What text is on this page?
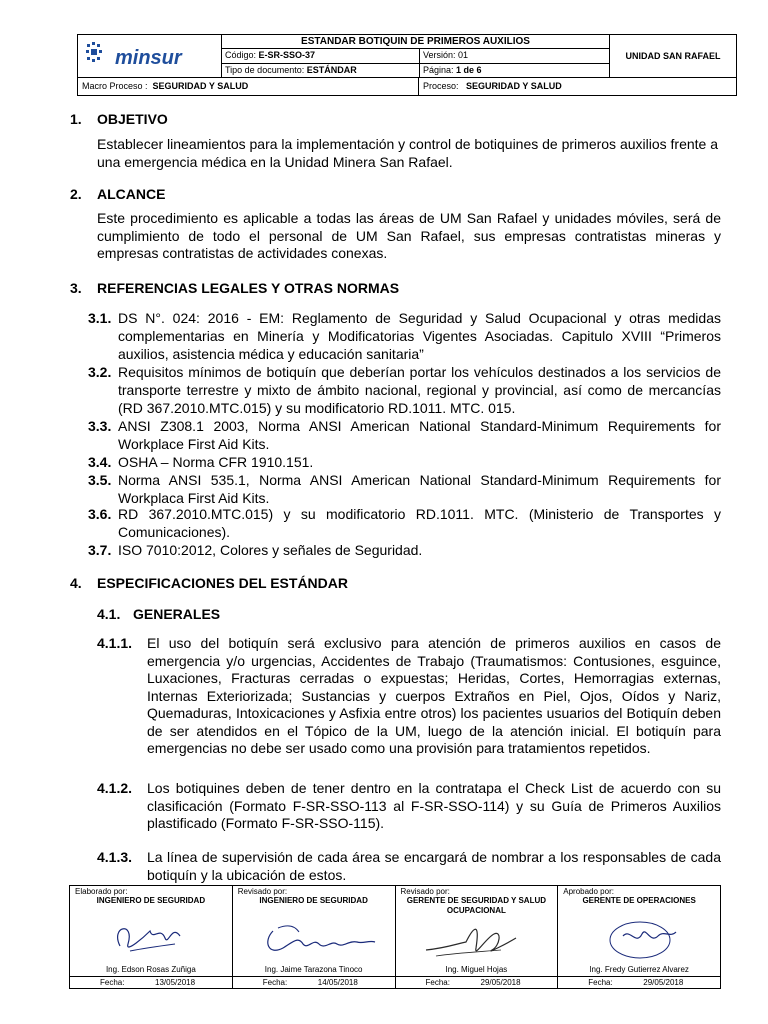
minsur
ESTANDAR BOTIQUIN DE PRIMEROS AUXILIOS
Código: E-SR-SSO-37	Versión: 01
Tipo de documento: ESTÁNDAR	Página: 1 de 6
UNIDAD SAN RAFAEL
Macro Proceso : SEGURIDAD Y SALUD	Proceso: SEGURIDAD Y SALUD
1. OBJETIVO
Establecer lineamientos para la implementación y control de botiquines de primeros auxilios frente a una emergencia médica en la Unidad Minera San Rafael.
2. ALCANCE
Este procedimiento es aplicable a todas las áreas de UM San Rafael y unidades móviles, será de cumplimiento de todo el personal de UM San Rafael, sus empresas contratistas mineras y empresas contratistas de actividades conexas.
3. REFERENCIAS LEGALES Y OTRAS NORMAS
3.1. DS N°. 024: 2016 - EM: Reglamento de Seguridad y Salud Ocupacional y otras medidas complementarias en Minería y Modificatorias Vigentes Asociadas. Capitulo XVIII “Primeros auxilios, asistencia médica y educación sanitaria”
3.2. Requisitos mínimos de botiquín que deberían portar los vehículos destinados a los servicios de transporte terrestre y mixto de ámbito nacional, regional y provincial, así como de mercancías (RD 367.2010.MTC.015) y su modificatorio RD.1011. MTC. 015.
3.3. ANSI Z308.1 2003, Norma ANSI American National Standard-Minimum Requirements for Workplace First Aid Kits.
3.4. OSHA – Norma CFR 1910.151.
3.5. Norma ANSI 535.1, Norma ANSI American National Standard-Minimum Requirements for Workplaca First Aid Kits.
3.6. RD 367.2010.MTC.015) y su modificatorio RD.1011. MTC. (Ministerio de Transportes y Comunicaciones).
3.7. ISO 7010:2012, Colores y señales de Seguridad.
4. ESPECIFICACIONES DEL ESTÁNDAR
4.1. GENERALES
4.1.1.	El uso del botiquín será exclusivo para atención de primeros auxilios en casos de emergencia y/o urgencias, Accidentes de Trabajo (Traumatismos: Contusiones, esguince, Luxaciones, Fracturas cerradas o expuestas; Heridas, Cortes, Hemorragias externas, Internas Exteriorizada; Sustancias y cuerpos Extraños en Piel, Ojos, Oídos y Nariz, Quemaduras, Intoxicaciones y Asfixia entre otros) los pacientes usuarios del Botiquín deben de ser atendidos en el Tópico de la UM, luego de la atención inicial. El botiquín para emergencias no debe ser usado como una provisión para tratamientos repetidos.
4.1.2.	Los botiquines deben de tener dentro en la contratapa el Check List de acuerdo con su clasificación (Formato F-SR-SSO-113 al F-SR-SSO-114) y su Guía de Primeros Auxilios plastificado (Formato F-SR-SSO-115).
4.1.3.	La línea de supervisión de cada área se encargará de nombrar a los responsables de cada botiquín y la ubicación de estos.
Elaborado por:
INGENIERO DE SEGURIDAD
Ing. Edson Rosas Zuñiga
Fecha:	13/05/2018
Revisado por:
INGENIERO DE SEGURIDAD
Ing. Jaime Tarazona Tinoco
Fecha:	14/05/2018
Revisado por:
GERENTE DE SEGURIDAD Y SALUD OCUPACIONAL
Ing. Miguel Hojas
Fecha:	29/05/2018
Aprobado por:
GERENTE DE OPERACIONES
Ing. Fredy Gutierrez Alvarez
Fecha:	29/05/2018
